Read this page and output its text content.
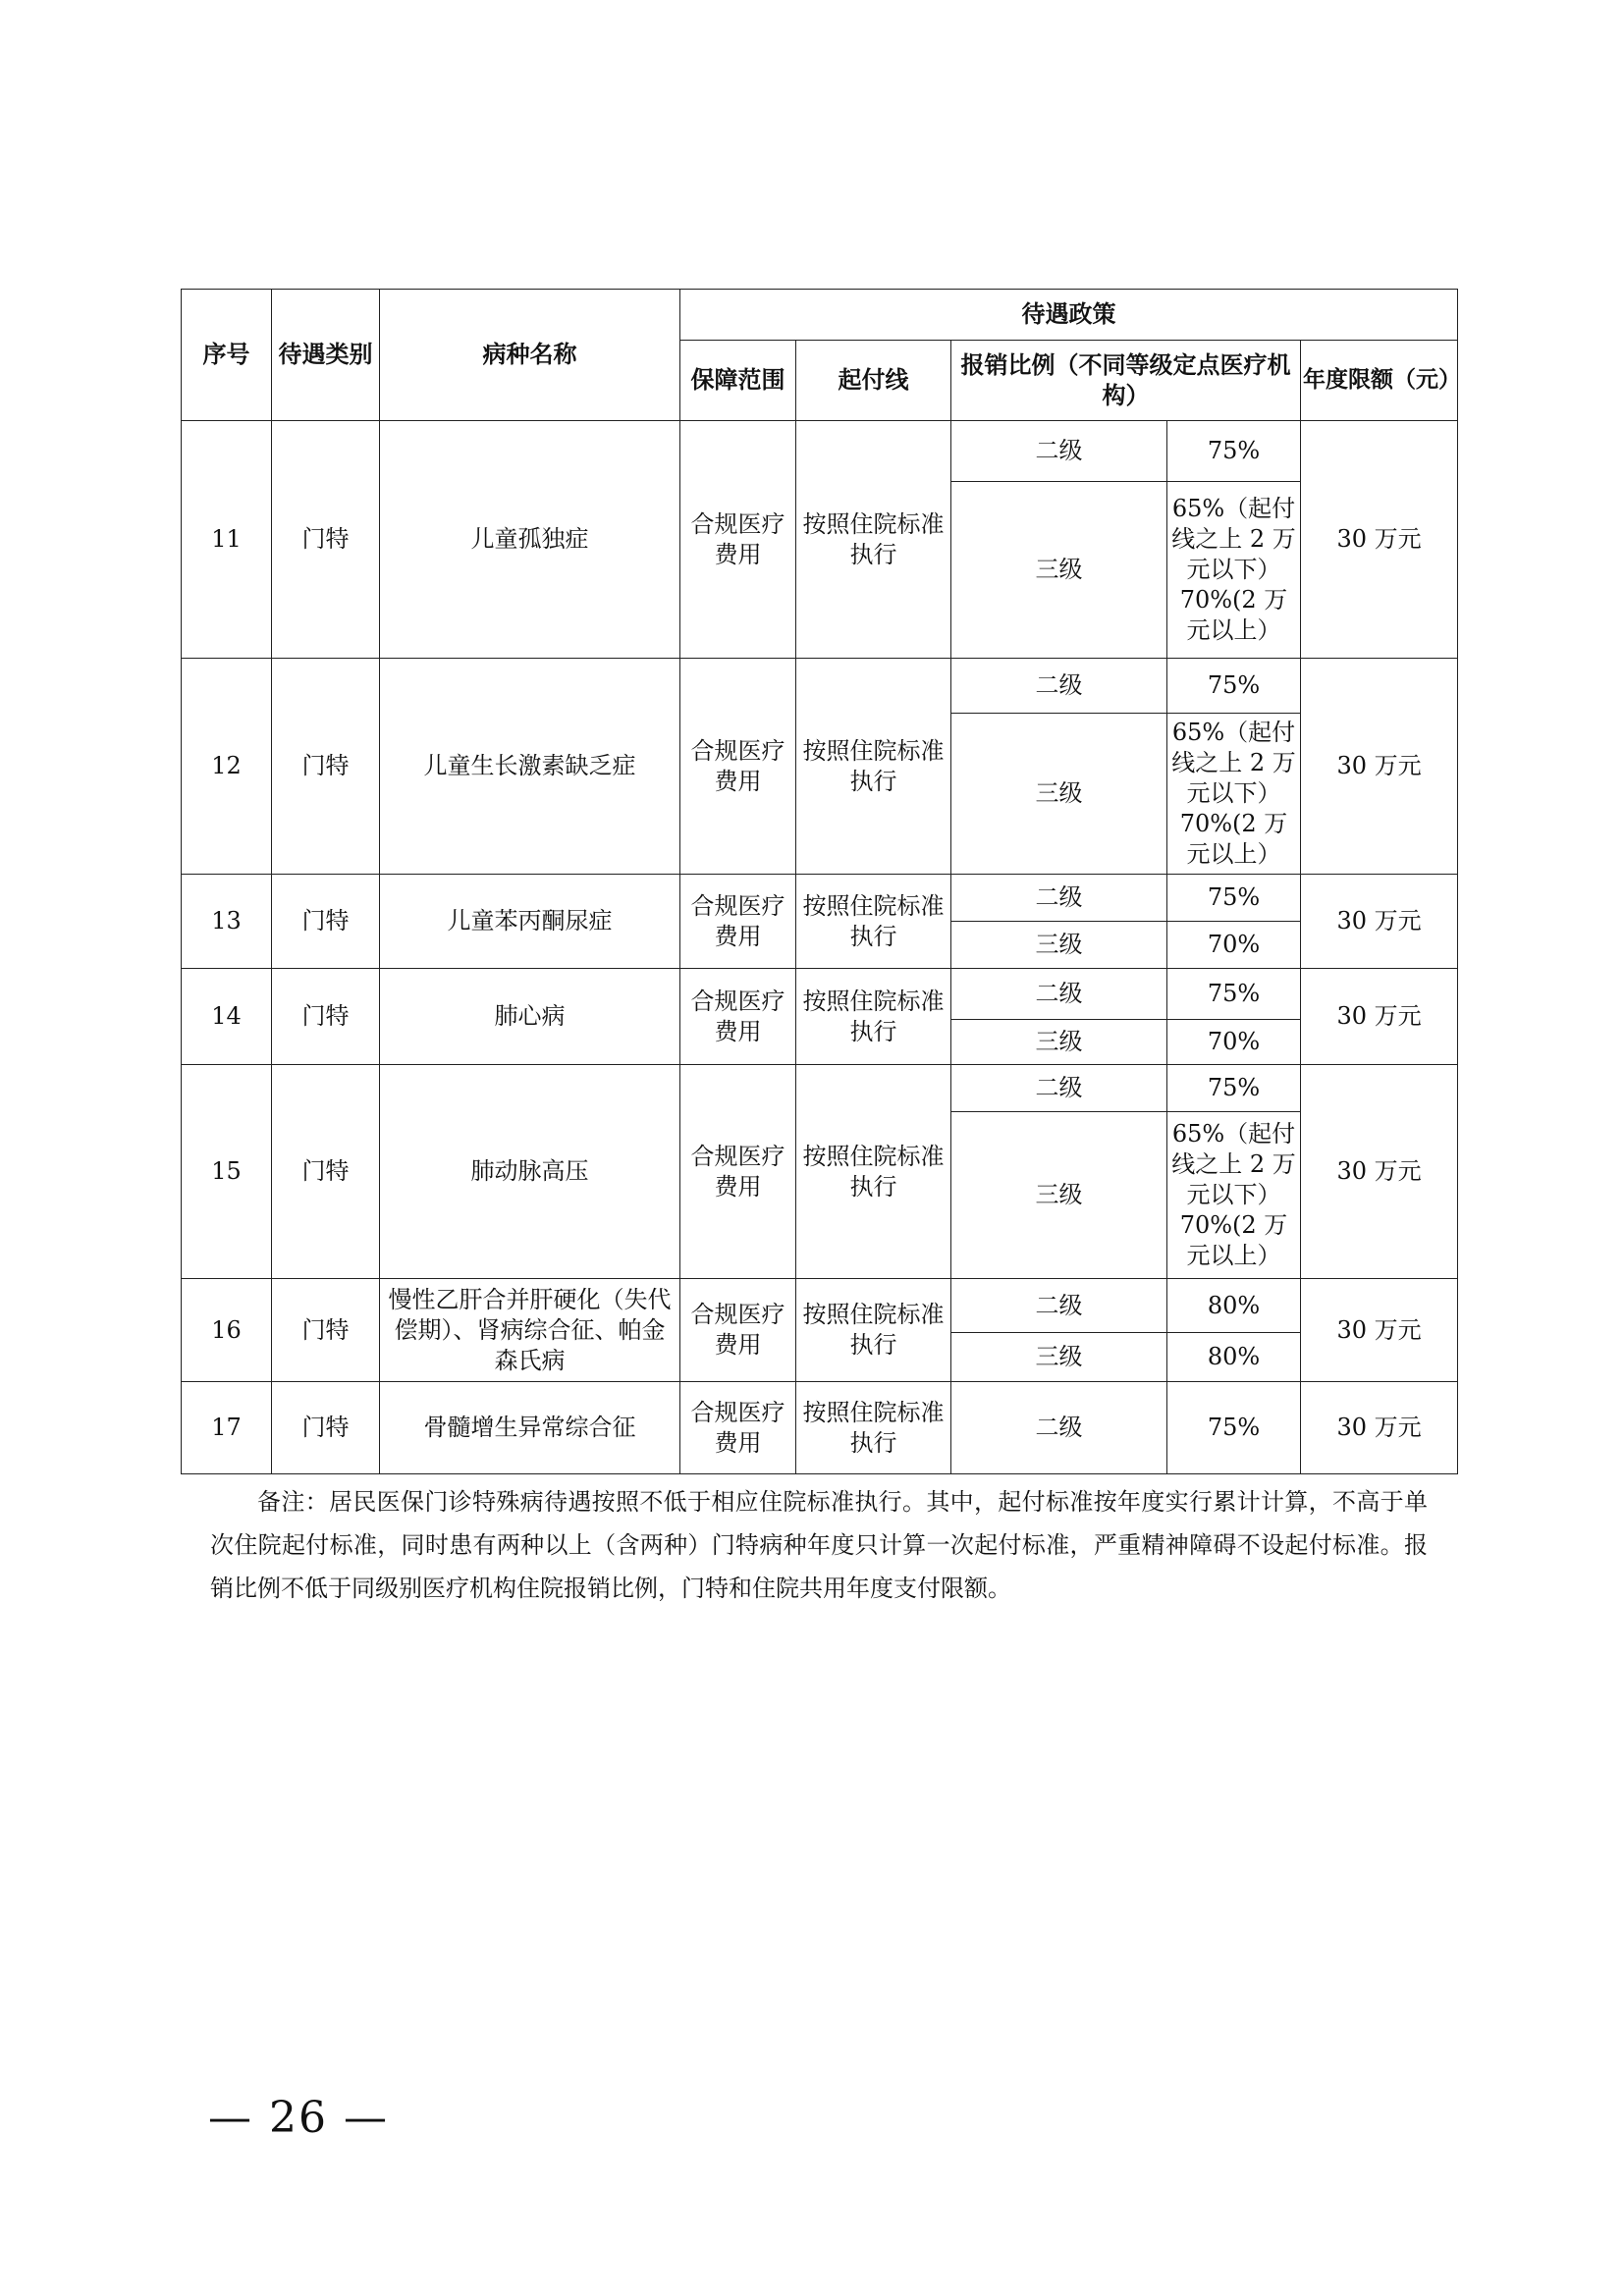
序号	待遇类别	病种名称	待遇政策				
			保障范围	起付线	报销比例（不同等级定点医疗机构）		年度限额（元）
11	门特	儿童孤独症	合规医疗费用	按照住院标准执行	二级	75%	30 万元
					三级	65%（起付线之上 2 万元以下）70%(2 万元以上）	
12	门特	儿童生长激素缺乏症	合规医疗费用	按照住院标准执行	二级	75%	30 万元
					三级	65%（起付线之上 2 万元以下）70%(2 万元以上）	
13	门特	儿童苯丙酮尿症	合规医疗费用	按照住院标准执行	二级	75%	30 万元
					三级	70%	
14	门特	肺心病	合规医疗费用	按照住院标准执行	二级	75%	30 万元
					三级	70%	
15	门特	肺动脉高压	合规医疗费用	按照住院标准执行	二级	75%	30 万元
					三级	65%（起付线之上 2 万元以下）70%(2 万元以上）	
16	门特	慢性乙肝合并肝硬化（失代偿期）、肾病综合征、帕金森氏病	合规医疗费用	按照住院标准执行	二级	80%	30 万元
					三级	80%	
17	门特	骨髓增生异常综合征	合规医疗费用	按照住院标准执行	二级	75%	30 万元
备注：居民医保门诊特殊病待遇按照不低于相应住院标准执行。其中，起付标准按年度实行累计计算，不高于单次住院起付标准，同时患有两种以上（含两种）门特病种年度只计算一次起付标准，严重精神障碍不设起付标准。报销比例不低于同级别医疗机构住院报销比例，门特和住院共用年度支付限额。
— 26 —
